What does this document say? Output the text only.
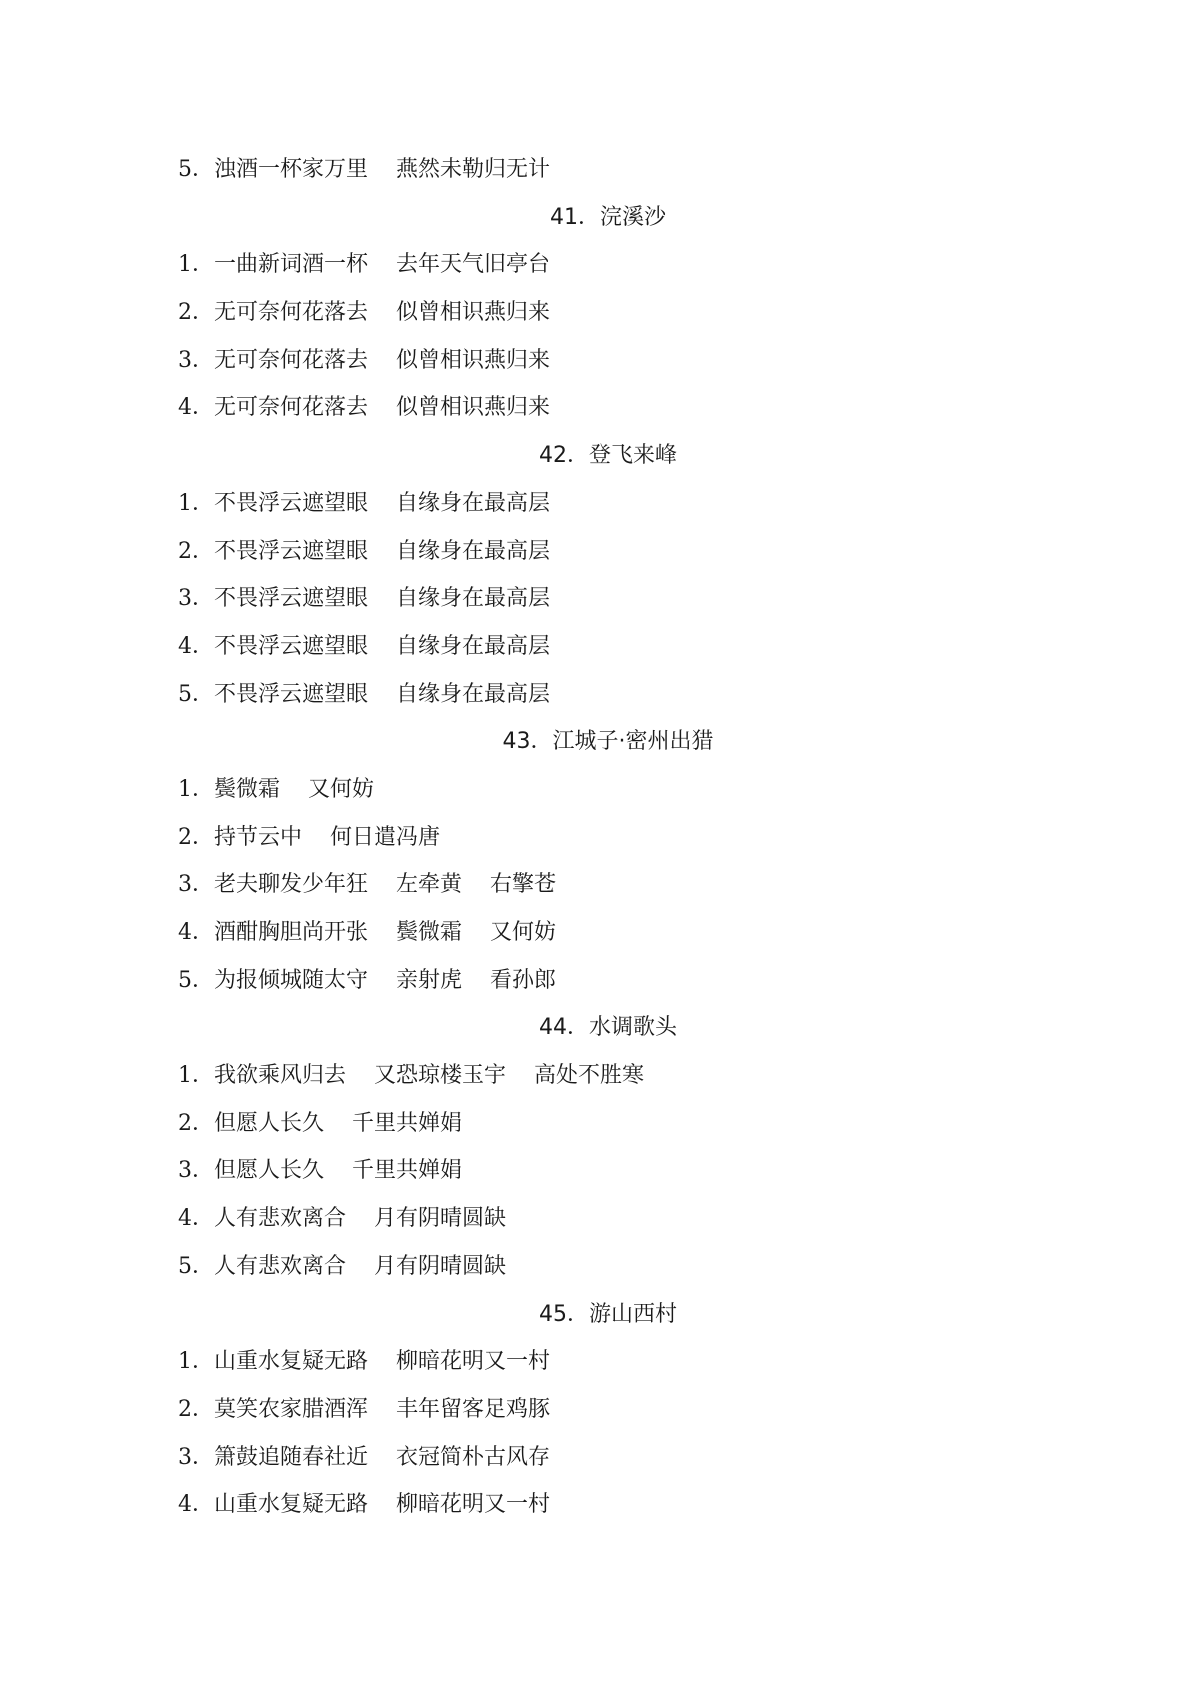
5．浊酒一杯家万里    燕然未勒归无计
41．浣溪沙
1．一曲新词酒一杯    去年天气旧亭台
2．无可奈何花落去    似曾相识燕归来
3．无可奈何花落去    似曾相识燕归来
4．无可奈何花落去    似曾相识燕归来
42．登飞来峰
1．不畏浮云遮望眼    自缘身在最高层
2．不畏浮云遮望眼    自缘身在最高层
3．不畏浮云遮望眼    自缘身在最高层
4．不畏浮云遮望眼    自缘身在最高层
5．不畏浮云遮望眼    自缘身在最高层
43．江城子·密州出猎
1．鬓微霜    又何妨
2．持节云中    何日遣冯唐
3．老夫聊发少年狂    左牵黄    右擎苍
4．酒酣胸胆尚开张    鬓微霜    又何妨
5．为报倾城随太守    亲射虎    看孙郎
44．水调歌头
1．我欲乘风归去    又恐琼楼玉宇    高处不胜寒
2．但愿人长久    千里共婵娟
3．但愿人长久    千里共婵娟
4．人有悲欢离合    月有阴晴圆缺
5．人有悲欢离合    月有阴晴圆缺
45．游山西村
1．山重水复疑无路    柳暗花明又一村
2．莫笑农家腊酒浑    丰年留客足鸡豚
3．箫鼓追随春社近    衣冠简朴古风存
4．山重水复疑无路    柳暗花明又一村
